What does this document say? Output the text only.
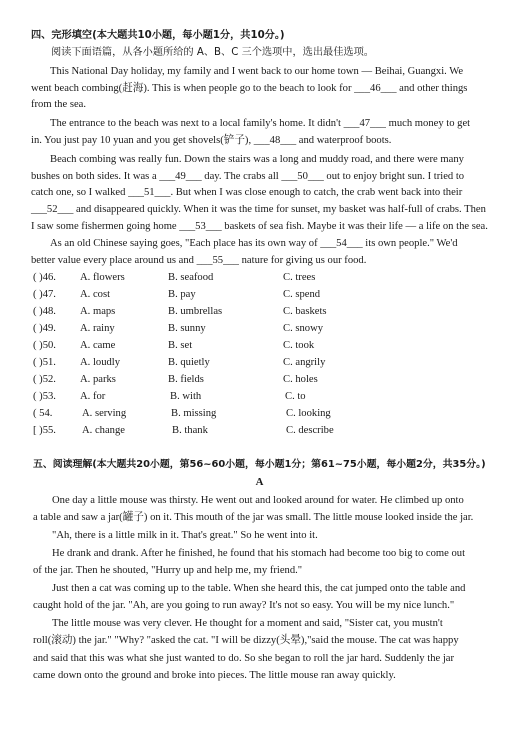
四、完形填空(本大题共10小题，每小题1分，共10分。)
阅读下面语篇，从各小题所给的 A、B、C 三个选项中，选出最佳选项。
This National Day holiday, my family and I went back to our home town — Beihai, Guangxi. We
went beach combing(赶海). This is when people go to the beach to look for ___46___ and other things
from the sea.
The entrance to the beach was next to a local family's home. It didn't ___47___ much money to get
in. You just pay 10 yuan and you get shovels(铲子), ___48___ and waterproof boots.
Beach combing was really fun. Down the stairs was a long and muddy road, and there were many
bushes on both sides. It was a ___49___ day. The crabs all ___50___ out to enjoy bright sun. I tried to
catch one, so I walked ___51___. But when I was close enough to catch, the crab went back into their
___52___ and disappeared quickly. When it was the time for sunset, my basket was half-full of crabs. Then
I saw some fishermen going home ___53___ baskets of sea fish. Maybe it was their life — a life on the sea.
As an old Chinese saying goes, "Each place has its own way of ___54___ its own people." We'd
better value every place around us and ___55___ nature for giving us our food.
( )46. A. flowers	B. seafood	C. trees
( )47. A. cost	B. pay	C. spend
( )48. A. maps	B. umbrellas	C. baskets
( )49. A. rainy	B. sunny	C. snowy
( )50. A. came	B. set	C. took
( )51. A. loudly	B. quietly	C. angrily
( )52. A. parks	B. fields	C. holes
( )53. A. for	B. with	C. to
( 54.	A. serving	B. missing	C. looking
[ )55. A. change	B. thank	C. describe
五、阅读理解(本大题共20小题，第56~60小题，每小题1分；第61~75小题，每小题2分，共35分。)
A
One day a little mouse was thirsty. He went out and looked around for water. He climbed up onto
a table and saw a jar(罐子) on it. This mouth of the jar was small. The little mouse looked inside the jar.
"Ah, there is a little milk in it. That's great." So he went into it.
He drank and drank. After he finished, he found that his stomach had become too big to come out
of the jar. Then he shouted, "Hurry up and help me, my friend."
Just then a cat was coming up to the table. When she heard this, the cat jumped onto the table and
caught hold of the jar. "Ah, are you going to run away? It's not so easy. You will be my nice lunch."
The little mouse was very clever. He thought for a moment and said, "Sister cat, you mustn't
roll(滚动) the jar." "Why? "asked the cat. "I will be dizzy(头晕),"said the mouse. The cat was happy
and said that this was what she just wanted to do. So she began to roll the jar hard. Suddenly the jar
came down onto the ground and broke into pieces. The little mouse ran away quickly.
